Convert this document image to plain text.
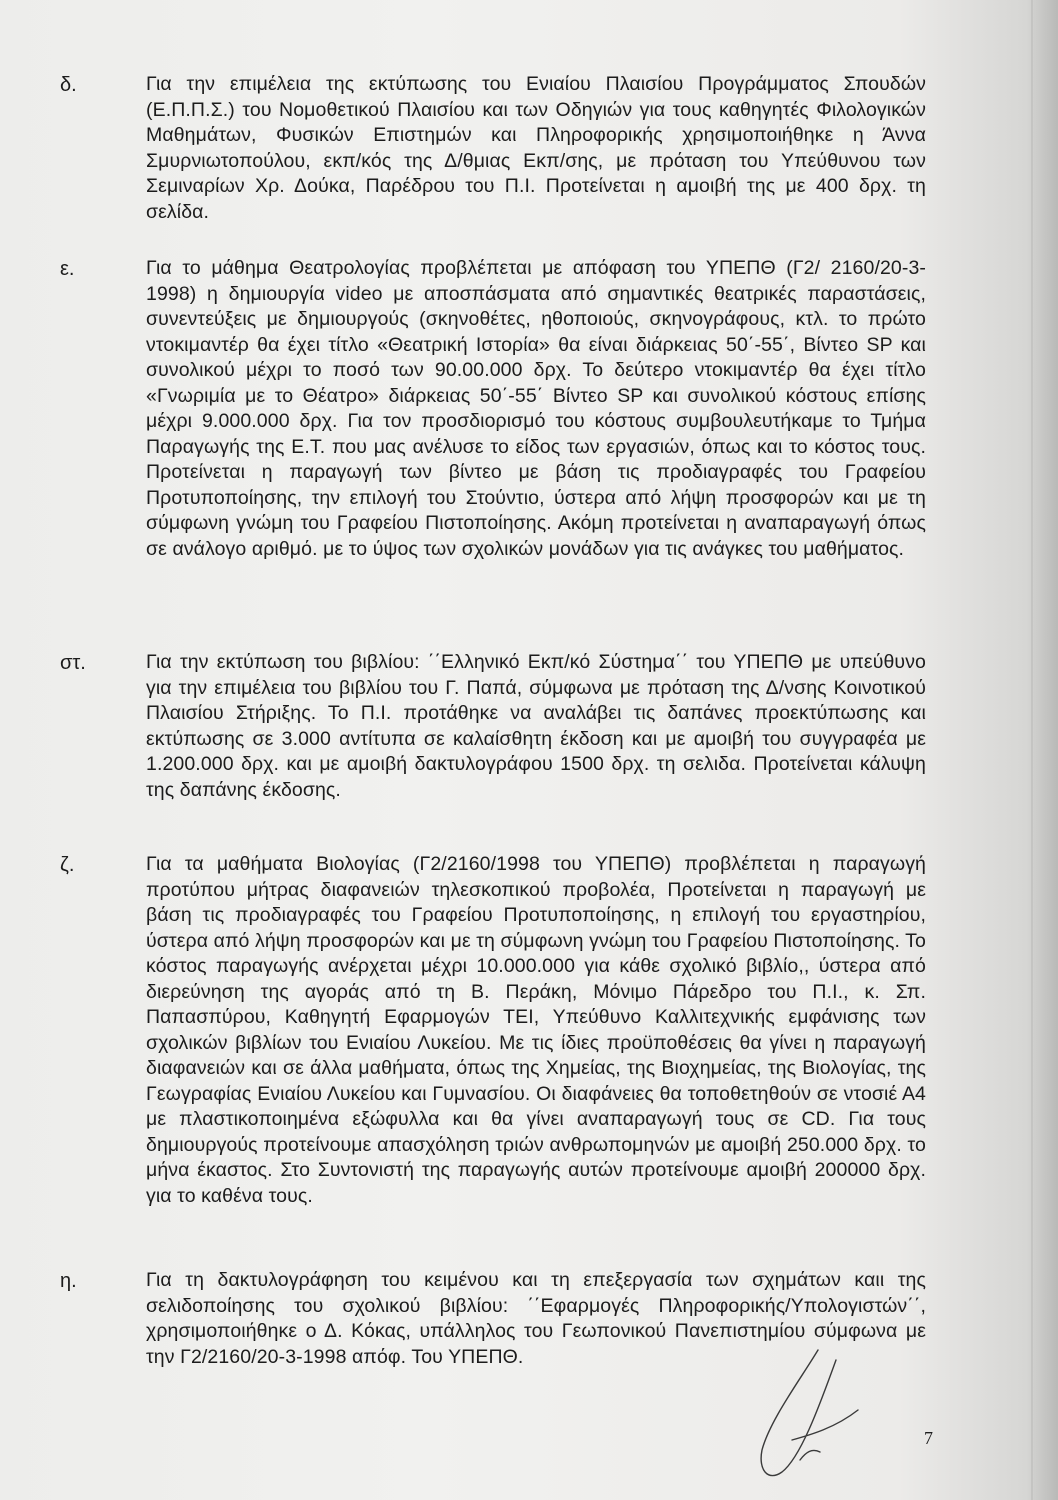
δ.	Για την επιμέλεια της εκτύπωσης του Ενιαίου Πλαισίου Προγράμματος Σπουδών (Ε.Π.Π.Σ.) του Νομοθετικού Πλαισίου και των Οδηγιών για τους καθηγητές Φιλολογικών Μαθημάτων, Φυσικών Επιστημών και Πληροφορικής χρησιμοποιήθηκε η Άννα Σμυρνιωτοπούλου, εκπ/κός της Δ/θμιας Εκπ/σης, με πρόταση του Υπεύθυνου των Σεμιναρίων Χρ. Δούκα, Παρέδρου του Π.Ι. Προτείνεται η αμοιβή της με 400 δρχ. τη σελίδα.
ε.	Για το μάθημα Θεατρολογίας προβλέπεται με απόφαση του ΥΠΕΠΘ (Γ2/ 2160/20-3-1998) η δημιουργία video με αποσπάσματα από σημαντικές θεατρικές παραστάσεις, συνεντεύξεις με δημιουργούς (σκηνοθέτες, ηθοποιούς, σκηνογράφους, κτλ. το πρώτο ντοκιμαντέρ θα έχει τίτλο «Θεατρική Ιστορία» θα είναι διάρκειας 50΄-55΄, Βίντεο SP και συνολικού μέχρι το ποσό των 90.00.000 δρχ. Το δεύτερο ντοκιμαντέρ θα έχει τίτλο «Γνωριμία με το Θέατρο» διάρκειας 50΄-55΄ Βίντεο SP και συνολικού κόστους επίσης μέχρι 9.000.000 δρχ. Για τον προσδιορισμό του κόστους συμβουλευτήκαμε το Τμήμα Παραγωγής της Ε.Τ. που μας ανέλυσε το είδος των εργασιών, όπως και το κόστος τους. Προτείνεται η παραγωγή των βίντεο με βάση τις προδιαγραφές του Γραφείου Προτυποποίησης, την επιλογή του Στούντιο, ύστερα από λήψη προσφορών και με τη σύμφωνη γνώμη του Γραφείου Πιστοποίησης. Ακόμη προτείνεται η αναπαραγωγή όπως σε ανάλογο αριθμό. με το ύψος των σχολικών μονάδων για τις ανάγκες του μαθήματος.
στ.	Για την εκτύπωση του βιβλίου: ΄΄Ελληνικό Εκπ/κό Σύστημα΄΄ του ΥΠΕΠΘ με υπεύθυνο για την επιμέλεια του βιβλίου του Γ. Παπά, σύμφωνα με πρόταση της Δ/νσης Κοινοτικού Πλαισίου Στήριξης. Το Π.Ι. προτάθηκε να αναλάβει τις δαπάνες προεκτύπωσης και εκτύπωσης σε 3.000 αντίτυπα σε καλαίσθητη έκδοση και με αμοιβή του συγγραφέα με 1.200.000 δρχ. και με αμοιβή δακτυλογράφου 1500 δρχ. τη σελιδα. Προτείνεται κάλυψη της δαπάνης έκδοσης.
ζ.	Για τα μαθήματα Βιολογίας (Γ2/2160/1998 του ΥΠΕΠΘ) προβλέπεται η παραγωγή προτύπου μήτρας διαφανειών τηλεσκοπικού προβολέα, Προτείνεται η παραγωγή με βάση τις προδιαγραφές του Γραφείου Προτυποποίησης, η επιλογή του εργαστηρίου, ύστερα από λήψη προσφορών και με τη σύμφωνη γνώμη του Γραφείου Πιστοποίησης. Το κόστος παραγωγής ανέρχεται μέχρι 10.000.000 για κάθε σχολικό βιβλίο,, ύστερα από διερεύνηση της αγοράς από τη Β. Περάκη, Μόνιμο Πάρεδρο του Π.Ι., κ. Σπ. Παπασπύρου, Καθηγητή Εφαρμογών ΤΕΙ, Υπεύθυνο Καλλιτεχνικής εμφάνισης των σχολικών βιβλίων του Ενιαίου Λυκείου. Με τις ίδιες προϋποθέσεις θα γίνει η παραγωγή διαφανειών και σε άλλα μαθήματα, όπως της Χημείας, της Βιοχημείας, της Βιολογίας, της Γεωγραφίας Ενιαίου Λυκείου και Γυμνασίου. Οι διαφάνειες θα τοποθετηθούν σε ντοσιέ Α4 με πλαστικοποιημένα εξώφυλλα και θα γίνει αναπαραγωγή τους σε CD. Για τους δημιουργούς προτείνουμε απασχόληση τριών ανθρωπομηνών με αμοιβή 250.000 δρχ. το μήνα έκαστος. Στο Συντονιστή της παραγωγής αυτών προτείνουμε αμοιβή 200000 δρχ. για το καθένα τους.
η.	Για τη δακτυλογράφηση του κειμένου και τη επεξεργασία των σχημάτων καιι της σελιδοποίησης του σχολικού βιβλίου: ΄΄Εφαρμογές Πληροφορικής/Υπολογιστών΄΄, χρησιμοποιήθηκε ο Δ. Κόκας, υπάλληλος του Γεωπονικού Πανεπιστημίου σύμφωνα με την Γ2/2160/20-3-1998 απόφ. Του ΥΠΕΠΘ.
7
